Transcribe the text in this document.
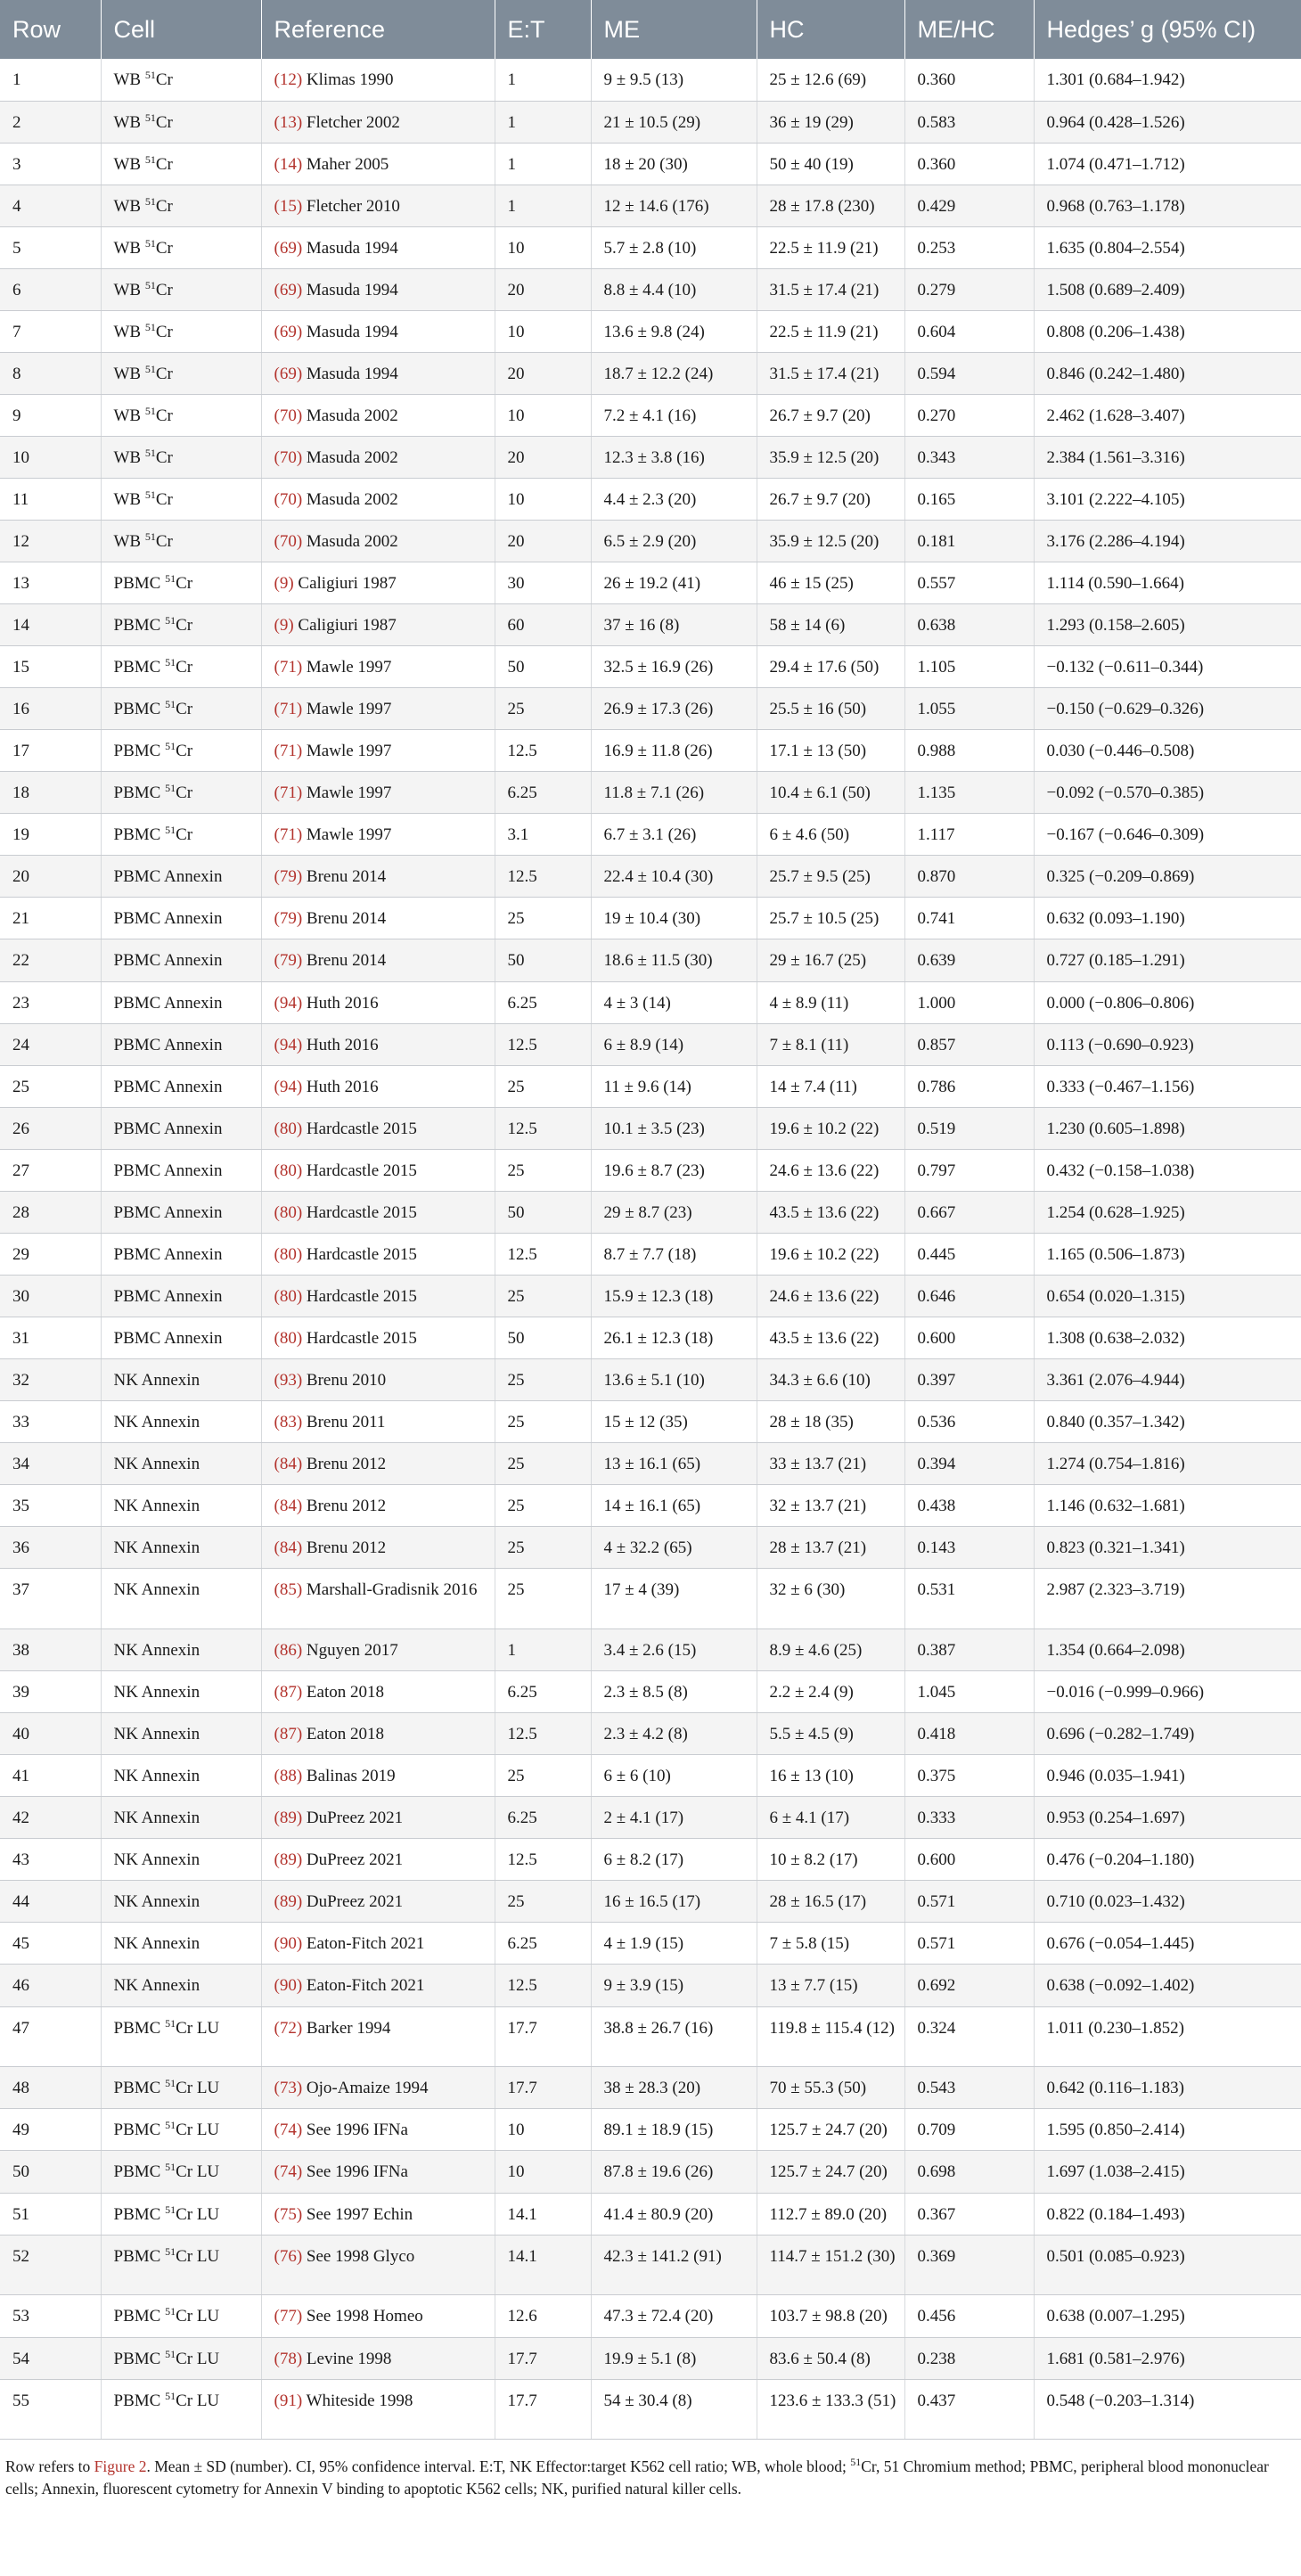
Row	Cell	Reference	E:T	ME	HC	ME/HC	Hedges’ g (95% CI)
1	WB $^{51}$Cr	(12) Klimas 1990	1	9 ± 9.5 (13)	25 ± 12.6 (69)	0.360	1.301 (0.684–1.942)
2	WB $^{51}$Cr	(13) Fletcher 2002	1	21 ± 10.5 (29)	36 ± 19 (29)	0.583	0.964 (0.428–1.526)
3	WB $^{51}$Cr	(14) Maher 2005	1	18 ± 20 (30)	50 ± 40 (19)	0.360	1.074 (0.471–1.712)
4	WB $^{51}$Cr	(15) Fletcher 2010	1	12 ± 14.6 (176)	28 ± 17.8 (230)	0.429	0.968 (0.763–1.178)
5	WB $^{51}$Cr	(69) Masuda 1994	10	5.7 ± 2.8 (10)	22.5 ± 11.9 (21)	0.253	1.635 (0.804–2.554)
6	WB $^{51}$Cr	(69) Masuda 1994	20	8.8 ± 4.4 (10)	31.5 ± 17.4 (21)	0.279	1.508 (0.689–2.409)
7	WB $^{51}$Cr	(69) Masuda 1994	10	13.6 ± 9.8 (24)	22.5 ± 11.9 (21)	0.604	0.808 (0.206–1.438)
8	WB $^{51}$Cr	(69) Masuda 1994	20	18.7 ± 12.2 (24)	31.5 ± 17.4 (21)	0.594	0.846 (0.242–1.480)
9	WB $^{51}$Cr	(70) Masuda 2002	10	7.2 ± 4.1 (16)	26.7 ± 9.7 (20)	0.270	2.462 (1.628–3.407)
10	WB $^{51}$Cr	(70) Masuda 2002	20	12.3 ± 3.8 (16)	35.9 ± 12.5 (20)	0.343	2.384 (1.561–3.316)
11	WB $^{51}$Cr	(70) Masuda 2002	10	4.4 ± 2.3 (20)	26.7 ± 9.7 (20)	0.165	3.101 (2.222–4.105)
12	WB $^{51}$Cr	(70) Masuda 2002	20	6.5 ± 2.9 (20)	35.9 ± 12.5 (20)	0.181	3.176 (2.286–4.194)
13	PBMC $^{51}$Cr	(9) Caligiuri 1987	30	26 ± 19.2 (41)	46 ± 15 (25)	0.557	1.114 (0.590–1.664)
14	PBMC $^{51}$Cr	(9) Caligiuri 1987	60	37 ± 16 (8)	58 ± 14 (6)	0.638	1.293 (0.158–2.605)
15	PBMC $^{51}$Cr	(71) Mawle 1997	50	32.5 ± 16.9 (26)	29.4 ± 17.6 (50)	1.105	−0.132 (−0.611–0.344)
16	PBMC $^{51}$Cr	(71) Mawle 1997	25	26.9 ± 17.3 (26)	25.5 ± 16 (50)	1.055	−0.150 (−0.629–0.326)
17	PBMC $^{51}$Cr	(71) Mawle 1997	12.5	16.9 ± 11.8 (26)	17.1 ± 13 (50)	0.988	0.030 (−0.446–0.508)
18	PBMC $^{51}$Cr	(71) Mawle 1997	6.25	11.8 ± 7.1 (26)	10.4 ± 6.1 (50)	1.135	−0.092 (−0.570–0.385)
19	PBMC $^{51}$Cr	(71) Mawle 1997	3.1	6.7 ± 3.1 (26)	6 ± 4.6 (50)	1.117	−0.167 (−0.646–0.309)
20	PBMC Annexin	(79) Brenu 2014	12.5	22.4 ± 10.4 (30)	25.7 ± 9.5 (25)	0.870	0.325 (−0.209–0.869)
21	PBMC Annexin	(79) Brenu 2014	25	19 ± 10.4 (30)	25.7 ± 10.5 (25)	0.741	0.632 (0.093–1.190)
22	PBMC Annexin	(79) Brenu 2014	50	18.6 ± 11.5 (30)	29 ± 16.7 (25)	0.639	0.727 (0.185–1.291)
23	PBMC Annexin	(94) Huth 2016	6.25	4 ± 3 (14)	4 ± 8.9 (11)	1.000	0.000 (−0.806–0.806)
24	PBMC Annexin	(94) Huth 2016	12.5	6 ± 8.9 (14)	7 ± 8.1 (11)	0.857	0.113 (−0.690–0.923)
25	PBMC Annexin	(94) Huth 2016	25	11 ± 9.6 (14)	14 ± 7.4 (11)	0.786	0.333 (−0.467–1.156)
26	PBMC Annexin	(80) Hardcastle 2015	12.5	10.1 ± 3.5 (23)	19.6 ± 10.2 (22)	0.519	1.230 (0.605–1.898)
27	PBMC Annexin	(80) Hardcastle 2015	25	19.6 ± 8.7 (23)	24.6 ± 13.6 (22)	0.797	0.432 (−0.158–1.038)
28	PBMC Annexin	(80) Hardcastle 2015	50	29 ± 8.7 (23)	43.5 ± 13.6 (22)	0.667	1.254 (0.628–1.925)
29	PBMC Annexin	(80) Hardcastle 2015	12.5	8.7 ± 7.7 (18)	19.6 ± 10.2 (22)	0.445	1.165 (0.506–1.873)
30	PBMC Annexin	(80) Hardcastle 2015	25	15.9 ± 12.3 (18)	24.6 ± 13.6 (22)	0.646	0.654 (0.020–1.315)
31	PBMC Annexin	(80) Hardcastle 2015	50	26.1 ± 12.3 (18)	43.5 ± 13.6 (22)	0.600	1.308 (0.638–2.032)
32	NK Annexin	(93) Brenu 2010	25	13.6 ± 5.1 (10)	34.3 ± 6.6 (10)	0.397	3.361 (2.076–4.944)
33	NK Annexin	(83) Brenu 2011	25	15 ± 12 (35)	28 ± 18 (35)	0.536	0.840 (0.357–1.342)
34	NK Annexin	(84) Brenu 2012	25	13 ± 16.1 (65)	33 ± 13.7 (21)	0.394	1.274 (0.754–1.816)
35	NK Annexin	(84) Brenu 2012	25	14 ± 16.1 (65)	32 ± 13.7 (21)	0.438	1.146 (0.632–1.681)
36	NK Annexin	(84) Brenu 2012	25	4 ± 32.2 (65)	28 ± 13.7 (21)	0.143	0.823 (0.321–1.341)
37	NK Annexin	(85) Marshall-Gradisnik 2016	25	17 ± 4 (39)	32 ± 6 (30)	0.531	2.987 (2.323–3.719)
38	NK Annexin	(86) Nguyen 2017	1	3.4 ± 2.6 (15)	8.9 ± 4.6 (25)	0.387	1.354 (0.664–2.098)
39	NK Annexin	(87) Eaton 2018	6.25	2.3 ± 8.5 (8)	2.2 ± 2.4 (9)	1.045	−0.016 (−0.999–0.966)
40	NK Annexin	(87) Eaton 2018	12.5	2.3 ± 4.2 (8)	5.5 ± 4.5 (9)	0.418	0.696 (−0.282–1.749)
41	NK Annexin	(88) Balinas 2019	25	6 ± 6 (10)	16 ± 13 (10)	0.375	0.946 (0.035–1.941)
42	NK Annexin	(89) DuPreez 2021	6.25	2 ± 4.1 (17)	6 ± 4.1 (17)	0.333	0.953 (0.254–1.697)
43	NK Annexin	(89) DuPreez 2021	12.5	6 ± 8.2 (17)	10 ± 8.2 (17)	0.600	0.476 (−0.204–1.180)
44	NK Annexin	(89) DuPreez 2021	25	16 ± 16.5 (17)	28 ± 16.5 (17)	0.571	0.710 (0.023–1.432)
45	NK Annexin	(90) Eaton-Fitch 2021	6.25	4 ± 1.9 (15)	7 ± 5.8 (15)	0.571	0.676 (−0.054–1.445)
46	NK Annexin	(90) Eaton-Fitch 2021	12.5	9 ± 3.9 (15)	13 ± 7.7 (15)	0.692	0.638 (−0.092–1.402)
47	PBMC $^{51}$Cr LU	(72) Barker 1994	17.7	38.8 ± 26.7 (16)	119.8 ± 115.4 (12)	0.324	1.011 (0.230–1.852)
48	PBMC $^{51}$Cr LU	(73) Ojo-Amaize 1994	17.7	38 ± 28.3 (20)	70 ± 55.3 (50)	0.543	0.642 (0.116–1.183)
49	PBMC $^{51}$Cr LU	(74) See 1996 IFNa	10	89.1 ± 18.9 (15)	125.7 ± 24.7 (20)	0.709	1.595 (0.850–2.414)
50	PBMC $^{51}$Cr LU	(74) See 1996 IFNa	10	87.8 ± 19.6 (26)	125.7 ± 24.7 (20)	0.698	1.697 (1.038–2.415)
51	PBMC $^{51}$Cr LU	(75) See 1997 Echin	14.1	41.4 ± 80.9 (20)	112.7 ± 89.0 (20)	0.367	0.822 (0.184–1.493)
52	PBMC $^{51}$Cr LU	(76) See 1998 Glyco	14.1	42.3 ± 141.2 (91)	114.7 ± 151.2 (30)	0.369	0.501 (0.085–0.923)
53	PBMC $^{51}$Cr LU	(77) See 1998 Homeo	12.6	47.3 ± 72.4 (20)	103.7 ± 98.8 (20)	0.456	0.638 (0.007–1.295)
54	PBMC $^{51}$Cr LU	(78) Levine 1998	17.7	19.9 ± 5.1 (8)	83.6 ± 50.4 (8)	0.238	1.681 (0.581–2.976)
55	PBMC $^{51}$Cr LU	(91) Whiteside 1998	17.7	54 ± 30.4 (8)	123.6 ± 133.3 (51)	0.437	0.548 (−0.203–1.314)
Row refers to Figure 2. Mean ± SD (number). CI, 95% confidence interval. E:T, NK Effector:target K562 cell ratio; WB, whole blood; $^{51}$Cr, 51 Chromium method; PBMC, peripheral blood mononuclear cells; Annexin, fluorescent cytometry for Annexin V binding to apoptotic K562 cells; NK, purified natural killer cells.
